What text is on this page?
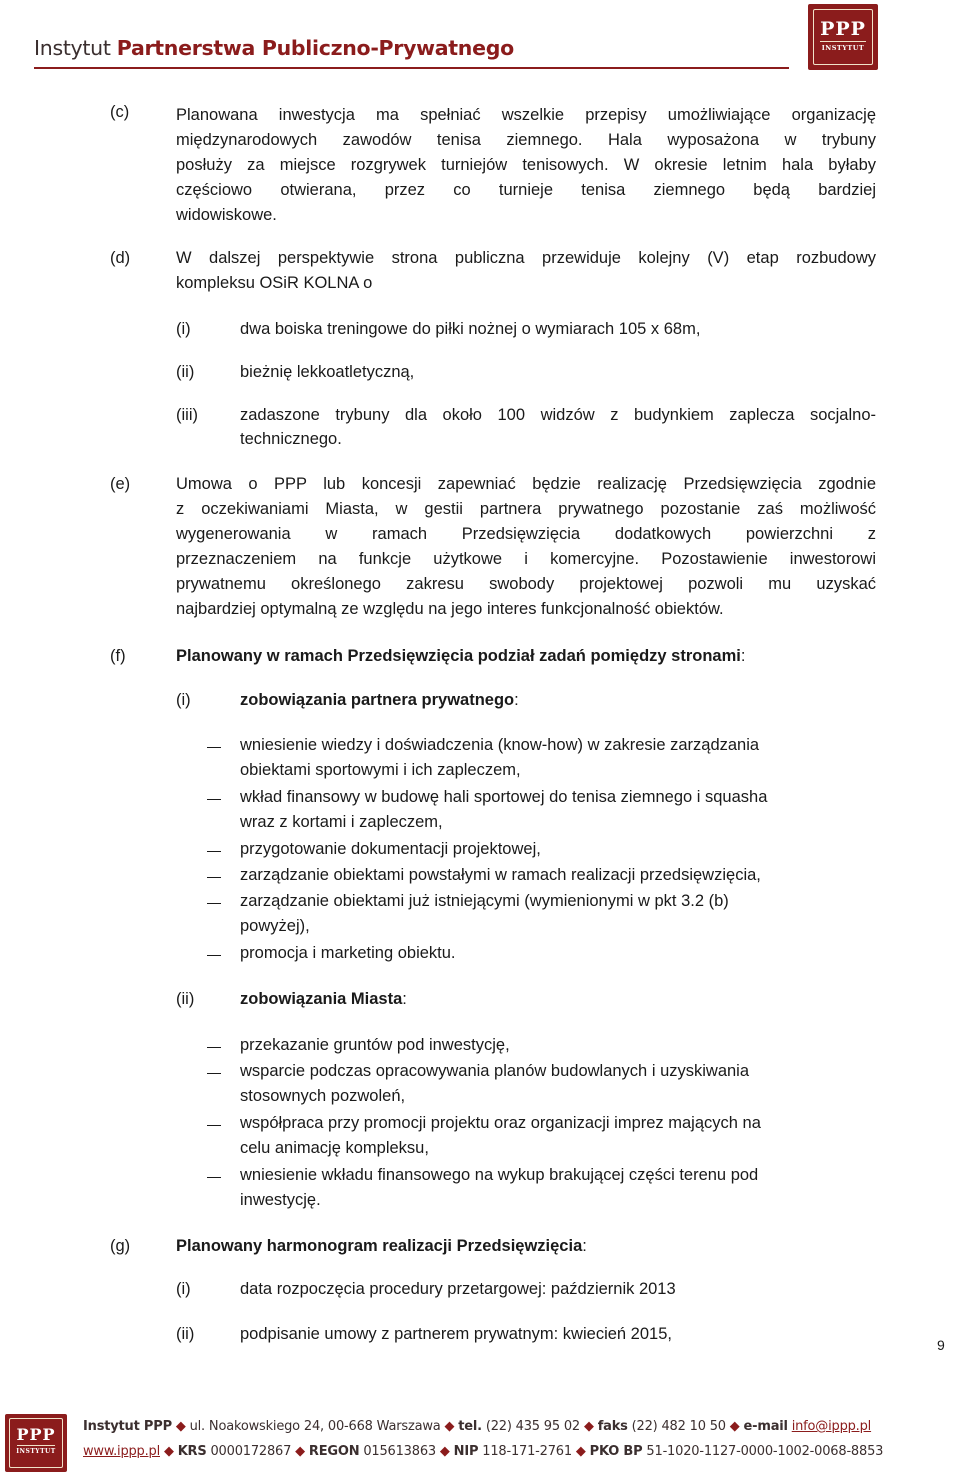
Instytut Partnerstwa Publiczno-Prywatnego
PPP
INSTYTUT
(c)	Planowana inwestycja ma spełniać wszelkie przepisy umożliwiające organizację
międzynarodowych zawodów tenisa ziemnego. Hala wyposażona w trybuny
posłuży za miejsce rozgrywek turniejów tenisowych. W okresie letnim hala byłaby
częściowo otwierana, przez co turnieje tenisa ziemnego będą bardziej
widowiskowe.
(d)	W dalszej perspektywie strona publiczna przewiduje kolejny (V) etap rozbudowy
kompleksu OSiR KOLNA o
(i)	dwa boiska treningowe do piłki nożnej o wymiarach 105 x 68m,
(ii)	bieżnię lekkoatletyczną,
(iii)	zadaszone trybuny dla około 100 widzów z budynkiem zaplecza socjalno-
technicznego.
(e)	Umowa o PPP lub koncesji zapewniać będzie realizację Przedsięwzięcia zgodnie
z oczekiwaniami Miasta, w gestii partnera prywatnego pozostanie zaś możliwość
wygenerowania w ramach Przedsięwzięcia dodatkowych powierzchni z
przeznaczeniem na funkcje użytkowe i komercyjne. Pozostawienie inwestorowi
prywatnemu określonego zakresu swobody projektowej pozwoli mu uzyskać
najbardziej optymalną ze względu na jego interes funkcjonalność obiektów.
(f)	Planowany w ramach Przedsięwzięcia podział zadań pomiędzy stronami:
(i)	zobowiązania partnera prywatnego:
wniesienie wiedzy i doświadczenia (know-how) w zakresie zarządzania
obiektami sportowymi i ich zapleczem,
wkład finansowy w budowę hali sportowej do tenisa ziemnego i squasha
wraz z kortami i zapleczem,
przygotowanie dokumentacji projektowej,
zarządzanie obiektami powstałymi w ramach realizacji przedsięwzięcia,
zarządzanie obiektami już istniejącymi (wymienionymi w pkt 3.2 (b)
powyżej),
promocja i marketing obiektu.
(ii)	zobowiązania Miasta:
przekazanie gruntów pod inwestycję,
wsparcie podczas opracowywania planów budowlanych i uzyskiwania
stosownych pozwoleń,
współpraca przy promocji projektu oraz organizacji imprez mających na
celu animację kompleksu,
wniesienie wkładu finansowego na wykup brakującej części terenu pod
inwestycję.
(g)	Planowany harmonogram realizacji Przedsięwzięcia:
(i)	data rozpoczęcia procedury przetargowej: październik 2013
(ii)	podpisanie umowy z partnerem prywatnym: kwiecień 2015,
9
PPP
INSTYTUT
Instytut PPP ◆ ul. Noakowskiego 24, 00-668 Warszawa ◆ tel. (22) 435 95 02 ◆ faks (22) 482 10 50 ◆ e-mail info@ippp.pl
www.ippp.pl ◆ KRS 0000172867 ◆ REGON 015613863 ◆ NIP 118-171-2761 ◆ PKO BP 51-1020-1127-0000-1002-0068-8853
